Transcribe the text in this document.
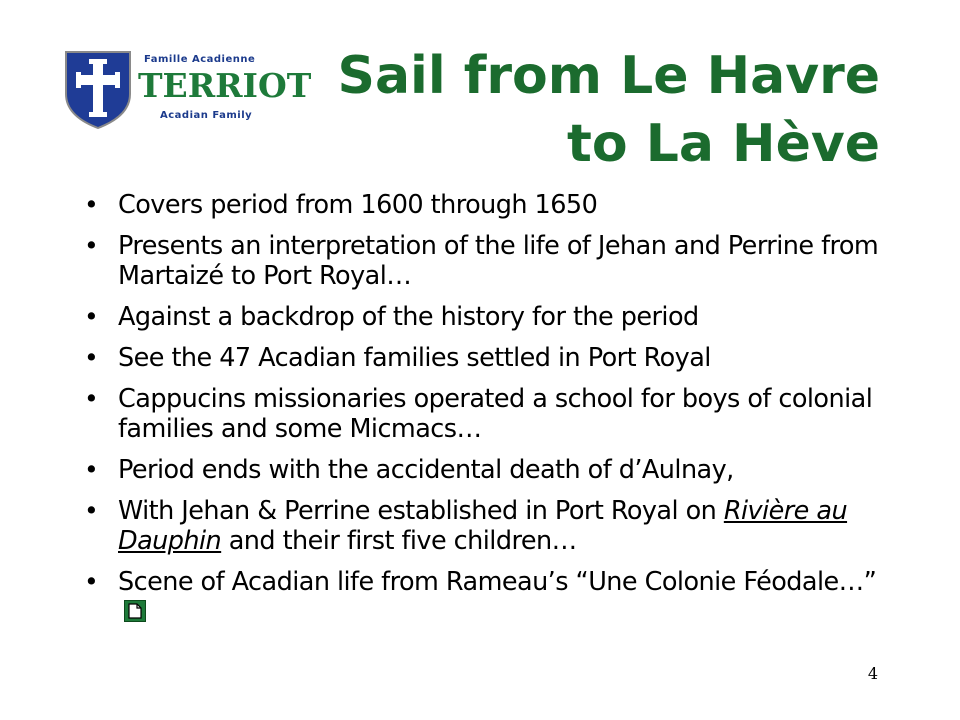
Famille Acadienne
TERRIOT
Acadian Family
Sail from Le Havre
to La Hève
• Covers period from 1600 through 1650
• Presents an interpretation of the life of Jehan and Perrine from Martaizé to Port Royal…
• Against a backdrop of the history for the period
• See the 47 Acadian families settled in Port Royal
• Cappucins missionaries operated a school for boys of colonial families and some Micmacs…
• Period ends with the accidental death of d’Aulnay,
• With Jehan & Perrine established in Port Royal on Rivière au Dauphin and their first five children…
• Scene of Acadian life from Rameau’s “Une Colonie Féodale…”
4
